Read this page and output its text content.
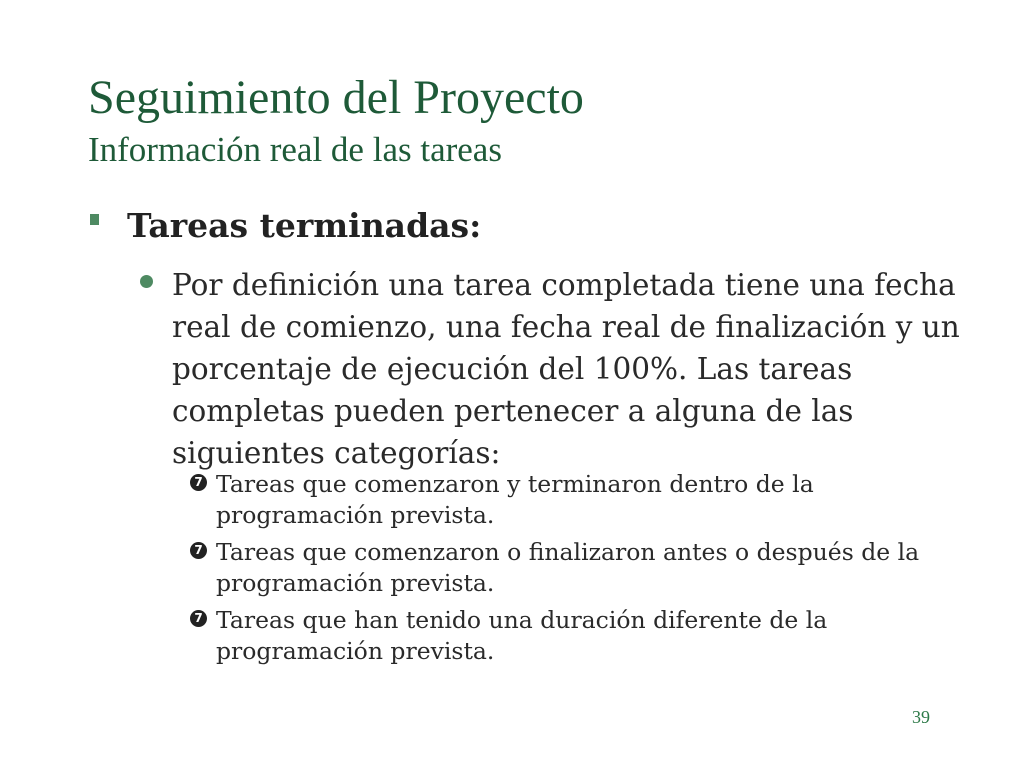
Seguimiento del Proyecto
Información real de las tareas
Tareas terminadas:
Por definición una tarea completada tiene una fecha real de comienzo, una fecha real de finalización y un porcentaje de ejecución del 100%. Las tareas completas pueden pertenecer a alguna de las siguientes categorías:
7 Tareas que comenzaron y terminaron dentro de la programación prevista.
7 Tareas que comenzaron o finalizaron antes o después de la programación prevista.
7 Tareas que han tenido una duración diferente de la programación prevista.
39
